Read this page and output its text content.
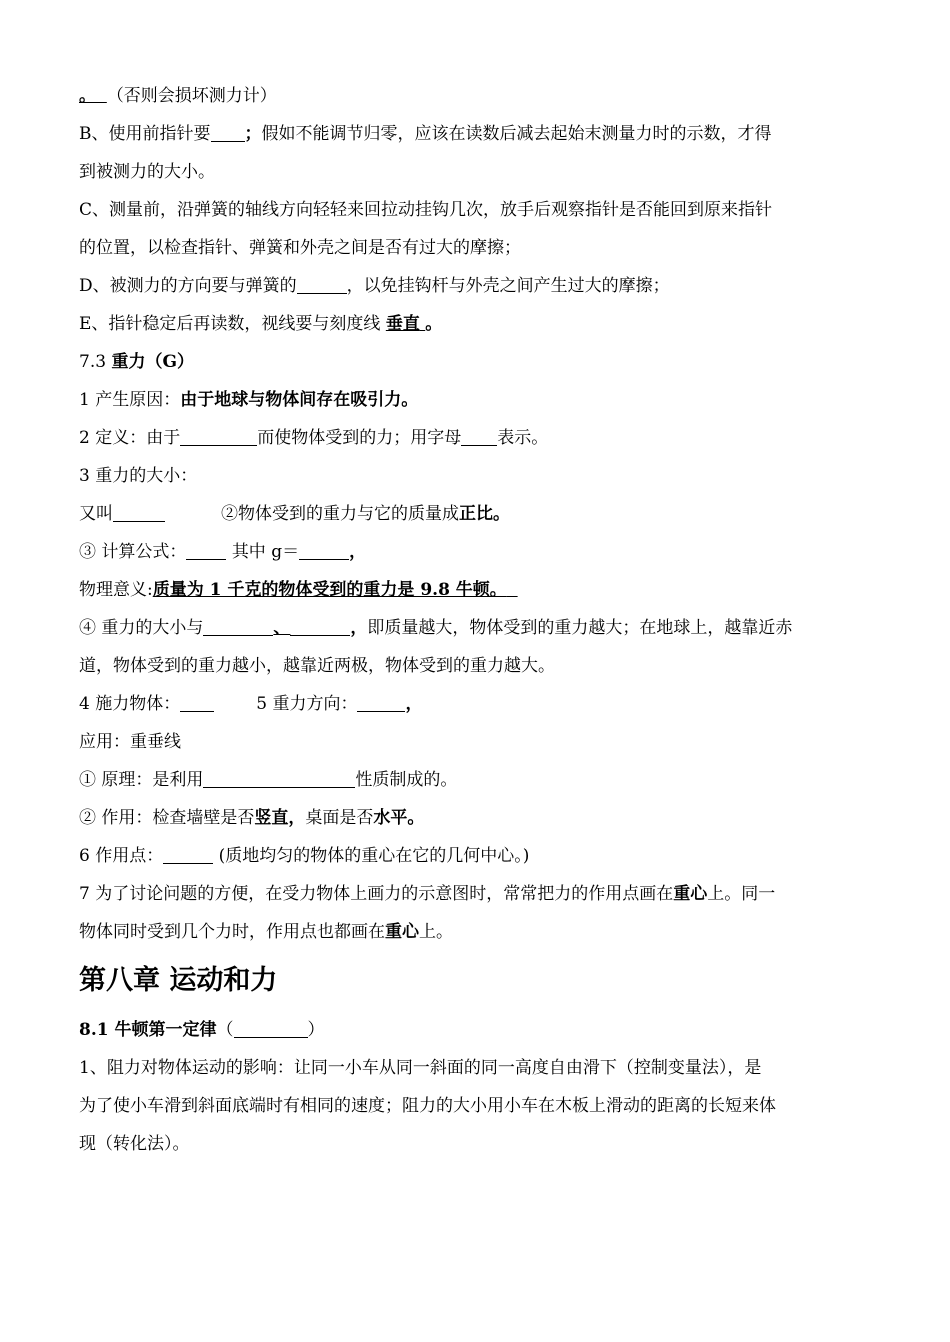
。 （否则会损坏测力计）

B、使用前指针要 ；假如不能调节归零，应该在读数后减去起始末测量力时的示数，才得

到被测力的大小。

C、测量前，沿弹簧的轴线方向轻轻来回拉动挂钩几次，放手后观察指针是否能回到原来指针

的位置，以检查指针、弹簧和外壳之间是否有过大的摩擦；

D、被测力的方向要与弹簧的	，以免挂钩杆与外壳之间产生过大的摩擦；

E、指针稳定后再读数，视线要与刻度线 垂直 。

7.3 重力（G）

1 产生原因：由于地球与物体间存在吸引力。

2 定义：由于	而使物体受到的力；用字母 表示。

3 重力的大小：

又叫	②物体受到的重力与它的质量成正比。

③ 计算公式：	其中 g＝	，

物理意义:质量为 1 千克的物体受到的重力是 9.8 牛顿。

④ 重力的大小与	、	，即质量越大，物体受到的重力越大；在地球上，越靠近赤

道，物体受到的重力越小，越靠近两极，物体受到的重力越大。

4 施力物体：	5 重力方向：	，

应用：重垂线

① 原理：是利用	性质制成的。

② 作用：检查墙壁是否竖直，桌面是否水平。

6 作用点：	(质地均匀的物体的重心在它的几何中心。)

7 为了讨论问题的方便，在受力物体上画力的示意图时，常常把力的作用点画在重心上。同一

物体同时受到几个力时，作用点也都画在重心上。

第八章 运动和力

8.1 牛顿第一定律（	）

1、阻力对物体运动的影响：让同一小车从同一斜面的同一高度自由滑下（控制变量法），是

为了使小车滑到斜面底端时有相同的速度；阻力的大小用小车在木板上滑动的距离的长短来体

现（转化法）。
